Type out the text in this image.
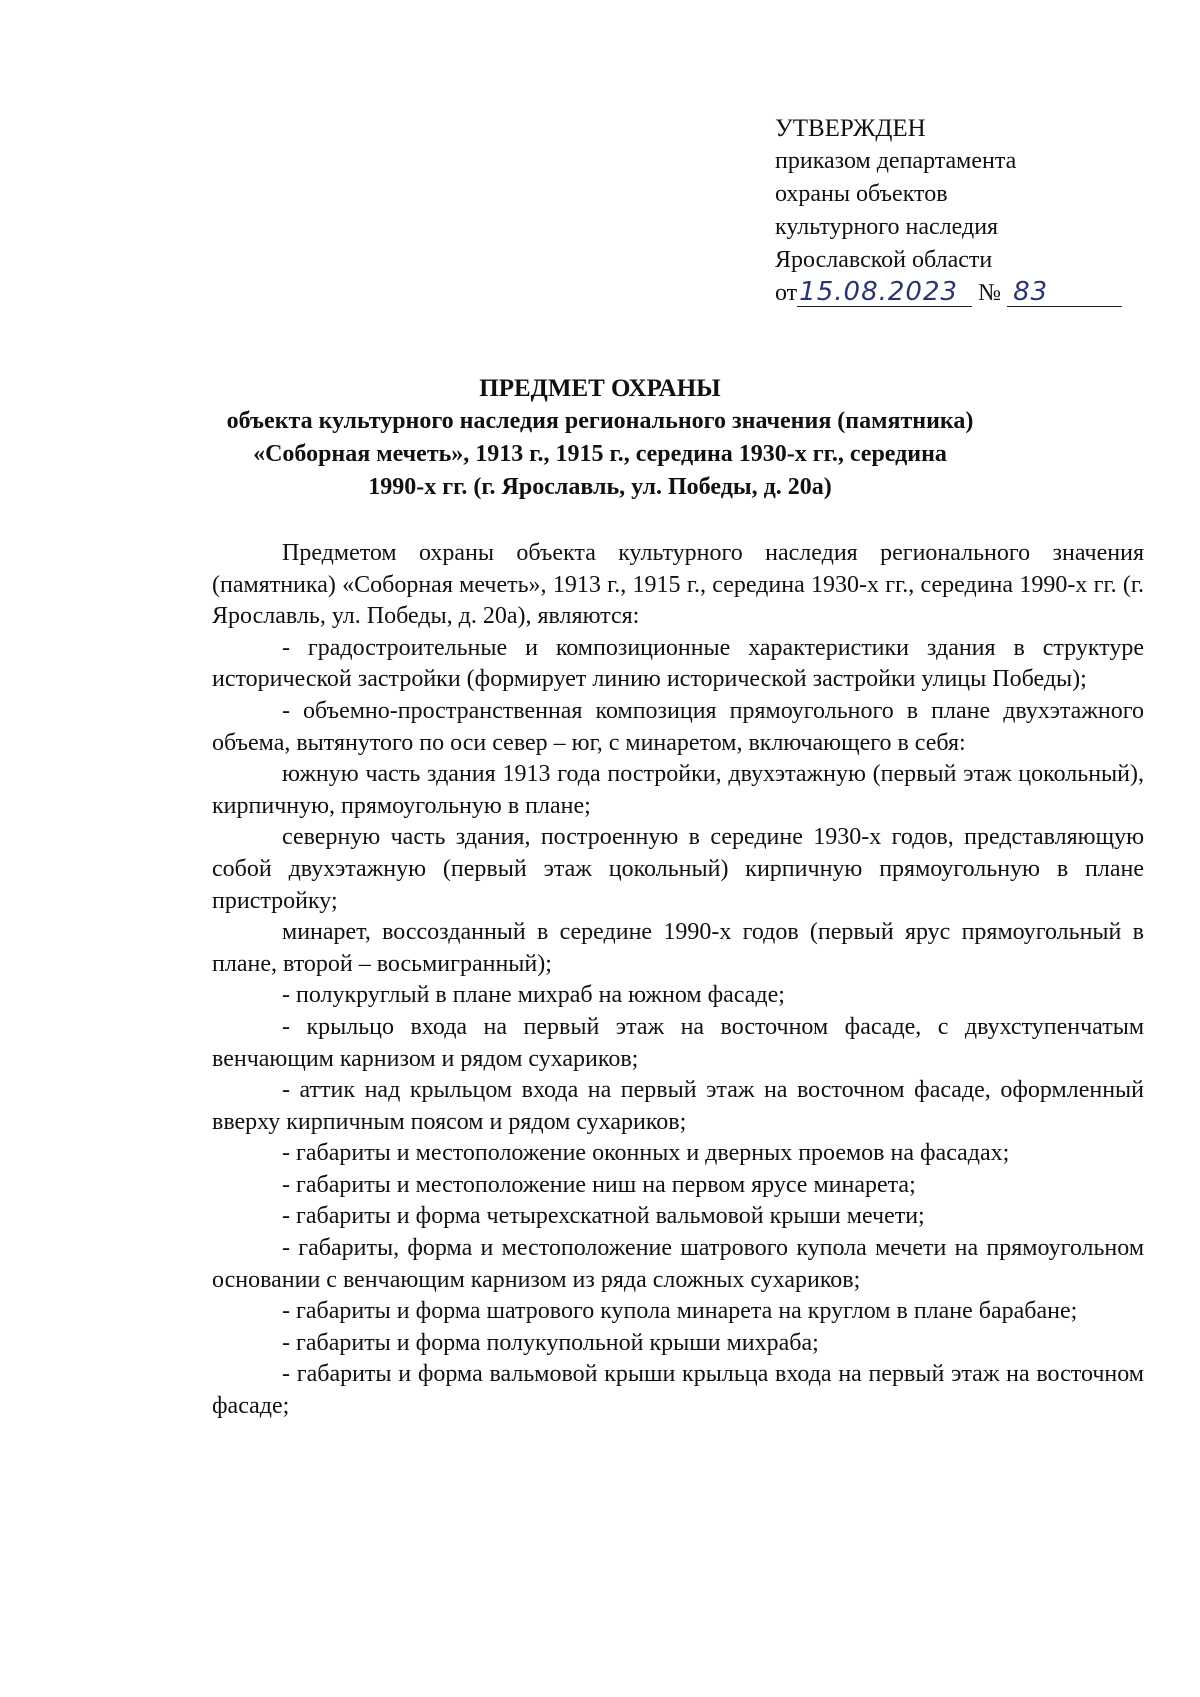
УТВЕРЖДЕН
приказом департамента
охраны объектов
культурного наследия
Ярославской области
от15.08.2023 № 83
ПРЕДМЕТ ОХРАНЫ
объекта культурного наследия регионального значения (памятника)
«Соборная мечеть», 1913 г., 1915 г., середина 1930-х гг., середина
1990-х гг. (г. Ярославль, ул. Победы, д. 20а)

Предметом охраны объекта культурного наследия регионального значения (памятника) «Соборная мечеть», 1913 г., 1915 г., середина 1930-х гг., середина 1990-х гг. (г. Ярославль, ул. Победы, д. 20а), являются:

- градостроительные и композиционные характеристики здания в структуре исторической застройки (формирует линию исторической застройки улицы Победы);

- объемно-пространственная композиция прямоугольного в плане двухэтажного объема, вытянутого по оси север – юг, с минаретом, включающего в себя:

южную часть здания 1913 года постройки, двухэтажную (первый этаж цокольный), кирпичную, прямоугольную в плане;

северную часть здания, построенную в середине 1930-х годов, представляющую собой двухэтажную (первый этаж цокольный) кирпичную прямоугольную в плане пристройку;

минарет, воссозданный в середине 1990-х годов (первый ярус прямоугольный в плане, второй – восьмигранный);

- полукруглый в плане михраб на южном фасаде;

- крыльцо входа на первый этаж на восточном фасаде, с двухступенчатым венчающим карнизом и рядом сухариков;

- аттик над крыльцом входа на первый этаж на восточном фасаде, оформленный вверху кирпичным поясом и рядом сухариков;

- габариты и местоположение оконных и дверных проемов на фасадах;

- габариты и местоположение ниш на первом ярусе минарета;

- габариты и форма четырехскатной вальмовой крыши мечети;

- габариты, форма и местоположение шатрового купола мечети на прямоугольном основании с венчающим карнизом из ряда сложных сухариков;

- габариты и форма шатрового купола минарета на круглом в плане барабане;

- габариты и форма полукупольной крыши михраба;

- габариты и форма вальмовой крыши крыльца входа на первый этаж на восточном фасаде;
